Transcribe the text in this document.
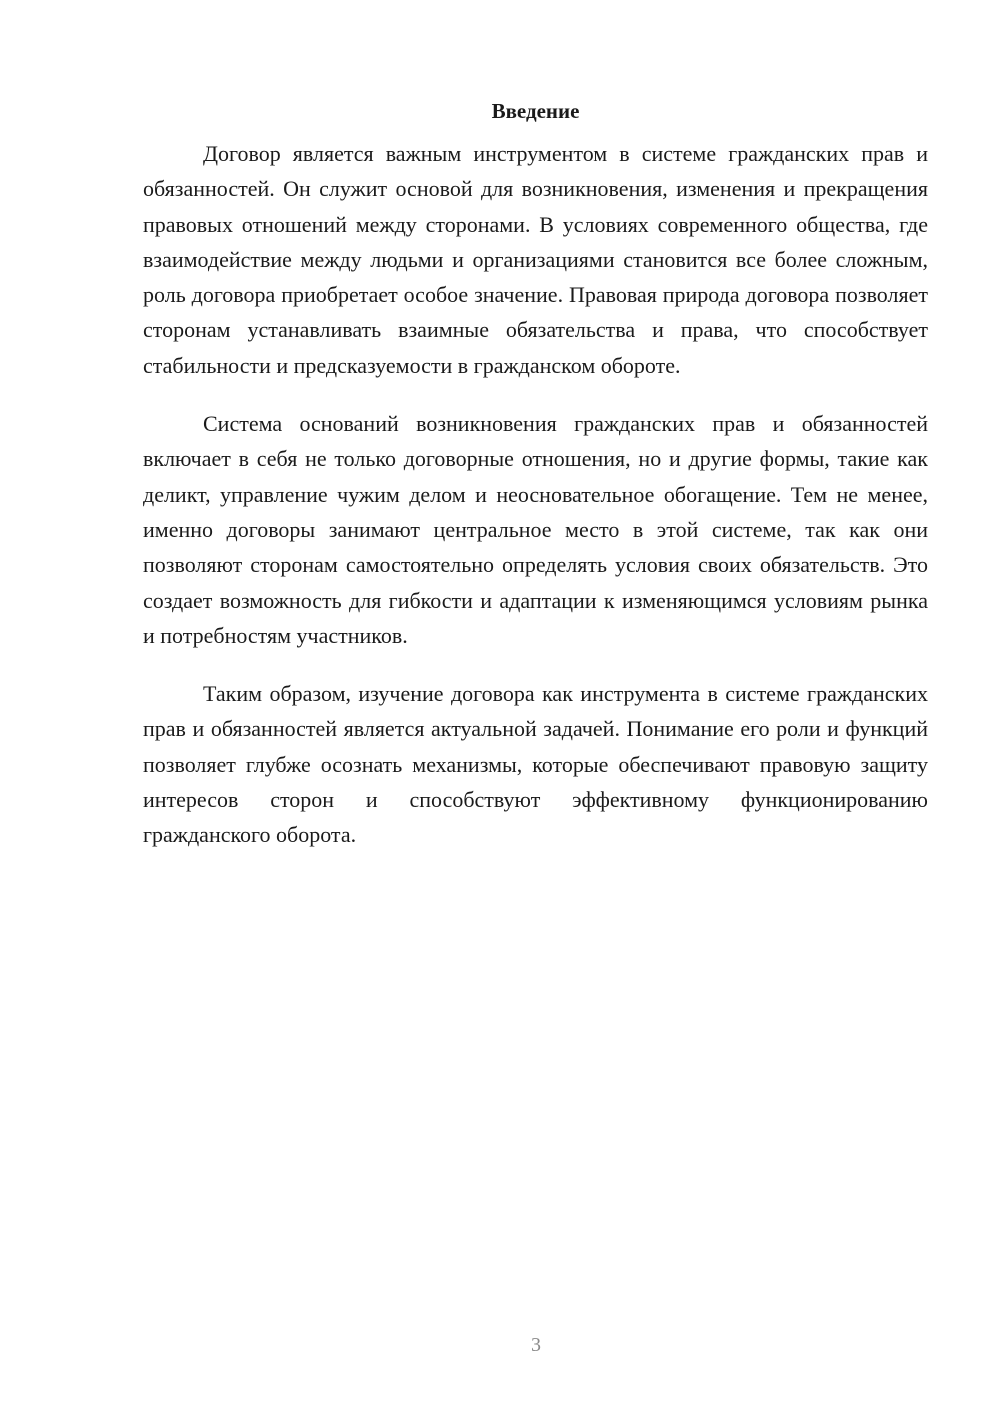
Введение

Договор является важным инструментом в системе гражданских прав и обязанностей. Он служит основой для возникновения, изменения и прекращения правовых отношений между сторонами. В условиях современного общества, где взаимодействие между людьми и организациями становится все более сложным, роль договора приобретает особое значение. Правовая природа договора позволяет сторонам устанавливать взаимные обязательства и права, что способствует стабильности и предсказуемости в гражданском обороте.

Система оснований возникновения гражданских прав и обязанностей включает в себя не только договорные отношения, но и другие формы, такие как деликт, управление чужим делом и неосновательное обогащение. Тем не менее, именно договоры занимают центральное место в этой системе, так как они позволяют сторонам самостоятельно определять условия своих обязательств. Это создает возможность для гибкости и адаптации к изменяющимся условиям рынка и потребностям участников.

Таким образом, изучение договора как инструмента в системе гражданских прав и обязанностей является актуальной задачей. Понимание его роли и функций позволяет глубже осознать механизмы, которые обеспечивают правовую защиту интересов сторон и способствуют эффективному функционированию гражданского оборота.

3
